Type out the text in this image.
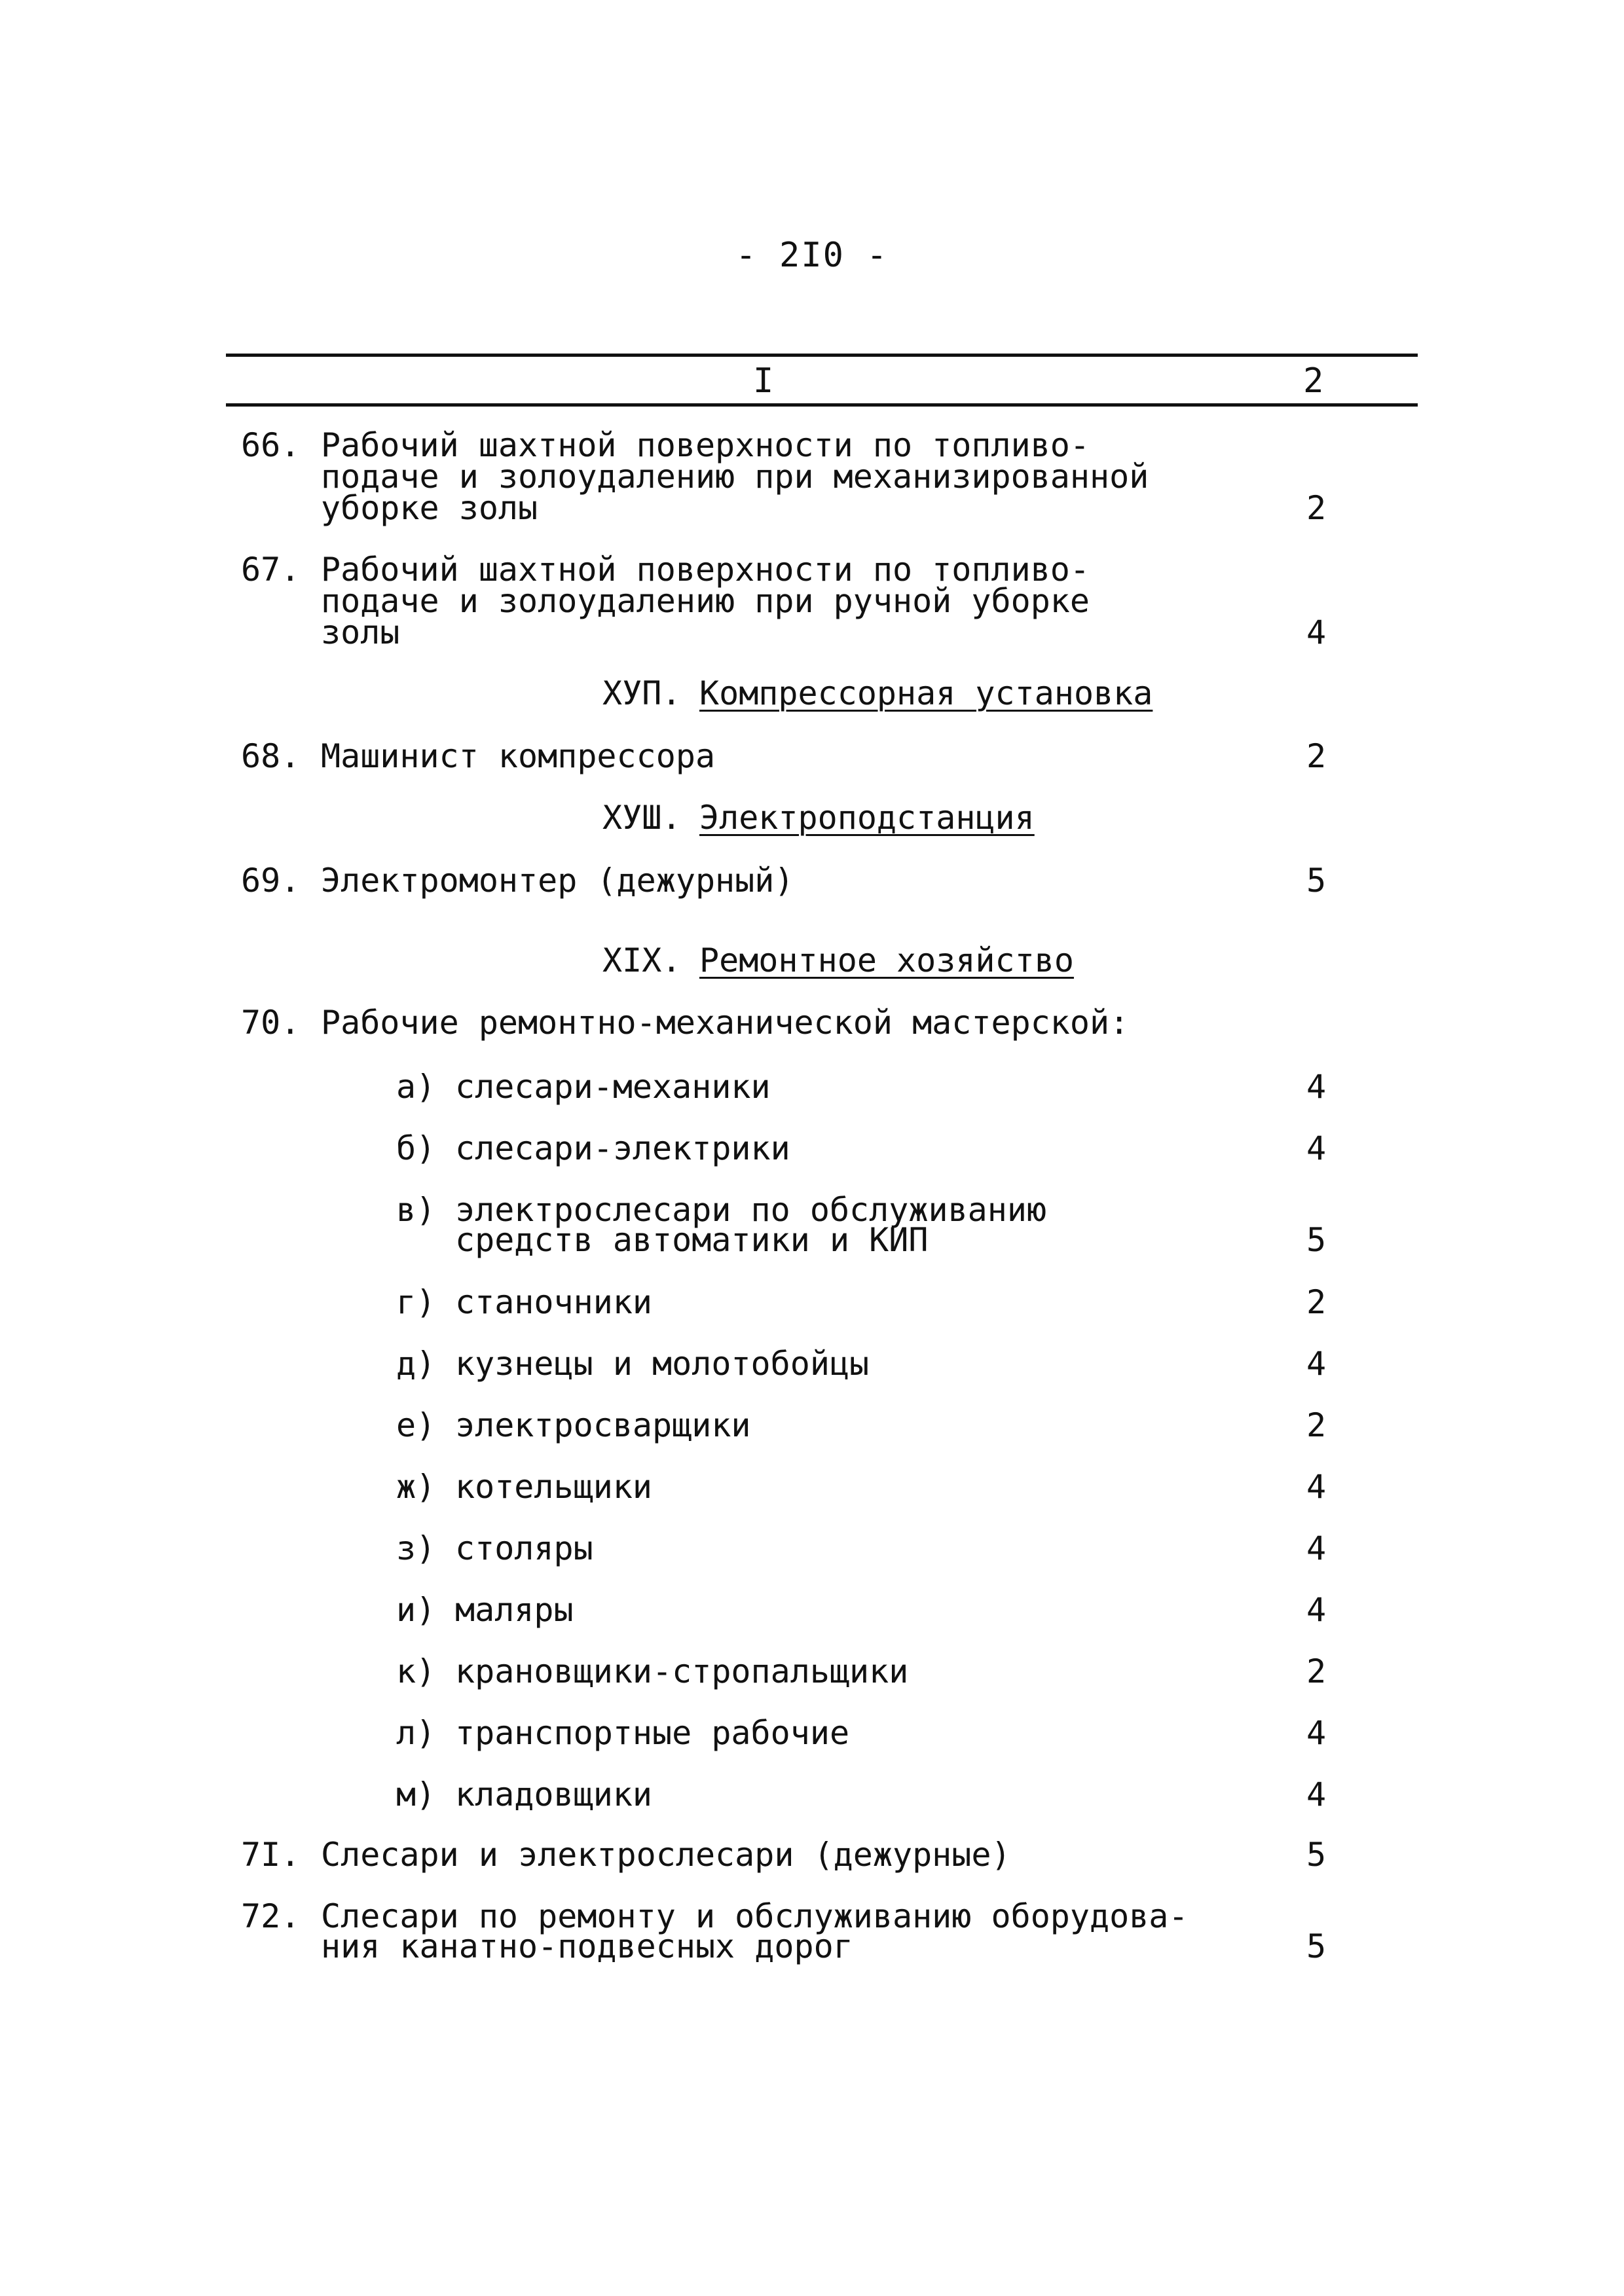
- 2I0 -
I	2
66. Рабочий шахтной поверхности по топливо-
подаче и золоудалению при механизированной
уборке золы	2
67. Рабочий шахтной поверхности по топливо-
подаче и золоудалению при ручной уборке
золы	4
ХУП. Компрессорная установка
68. Машинист компрессора	2
ХУШ. Электроподстанция
69. Электромонтер (дежурный)	5
XIX. Ремонтное хозяйство
70. Рабочие ремонтно-механической мастерской:
а) слесари-механики	4
б) слесари-электрики	4
в) электрослесари по обслуживанию
средств автоматики и КИП	5
г) станочники	2
д) кузнецы и молотобойцы	4
е) электросварщики	2
ж) котельщики	4
з) столяры	4
и) маляры	4
к) крановщики-стропальщики	2
л) транспортные рабочие	4
м) кладовщики	4
7I. Слесари и электрослесари (дежурные)	5
72. Слесари по ремонту и обслуживанию оборудова-
ния канатно-подвесных дорог	5
